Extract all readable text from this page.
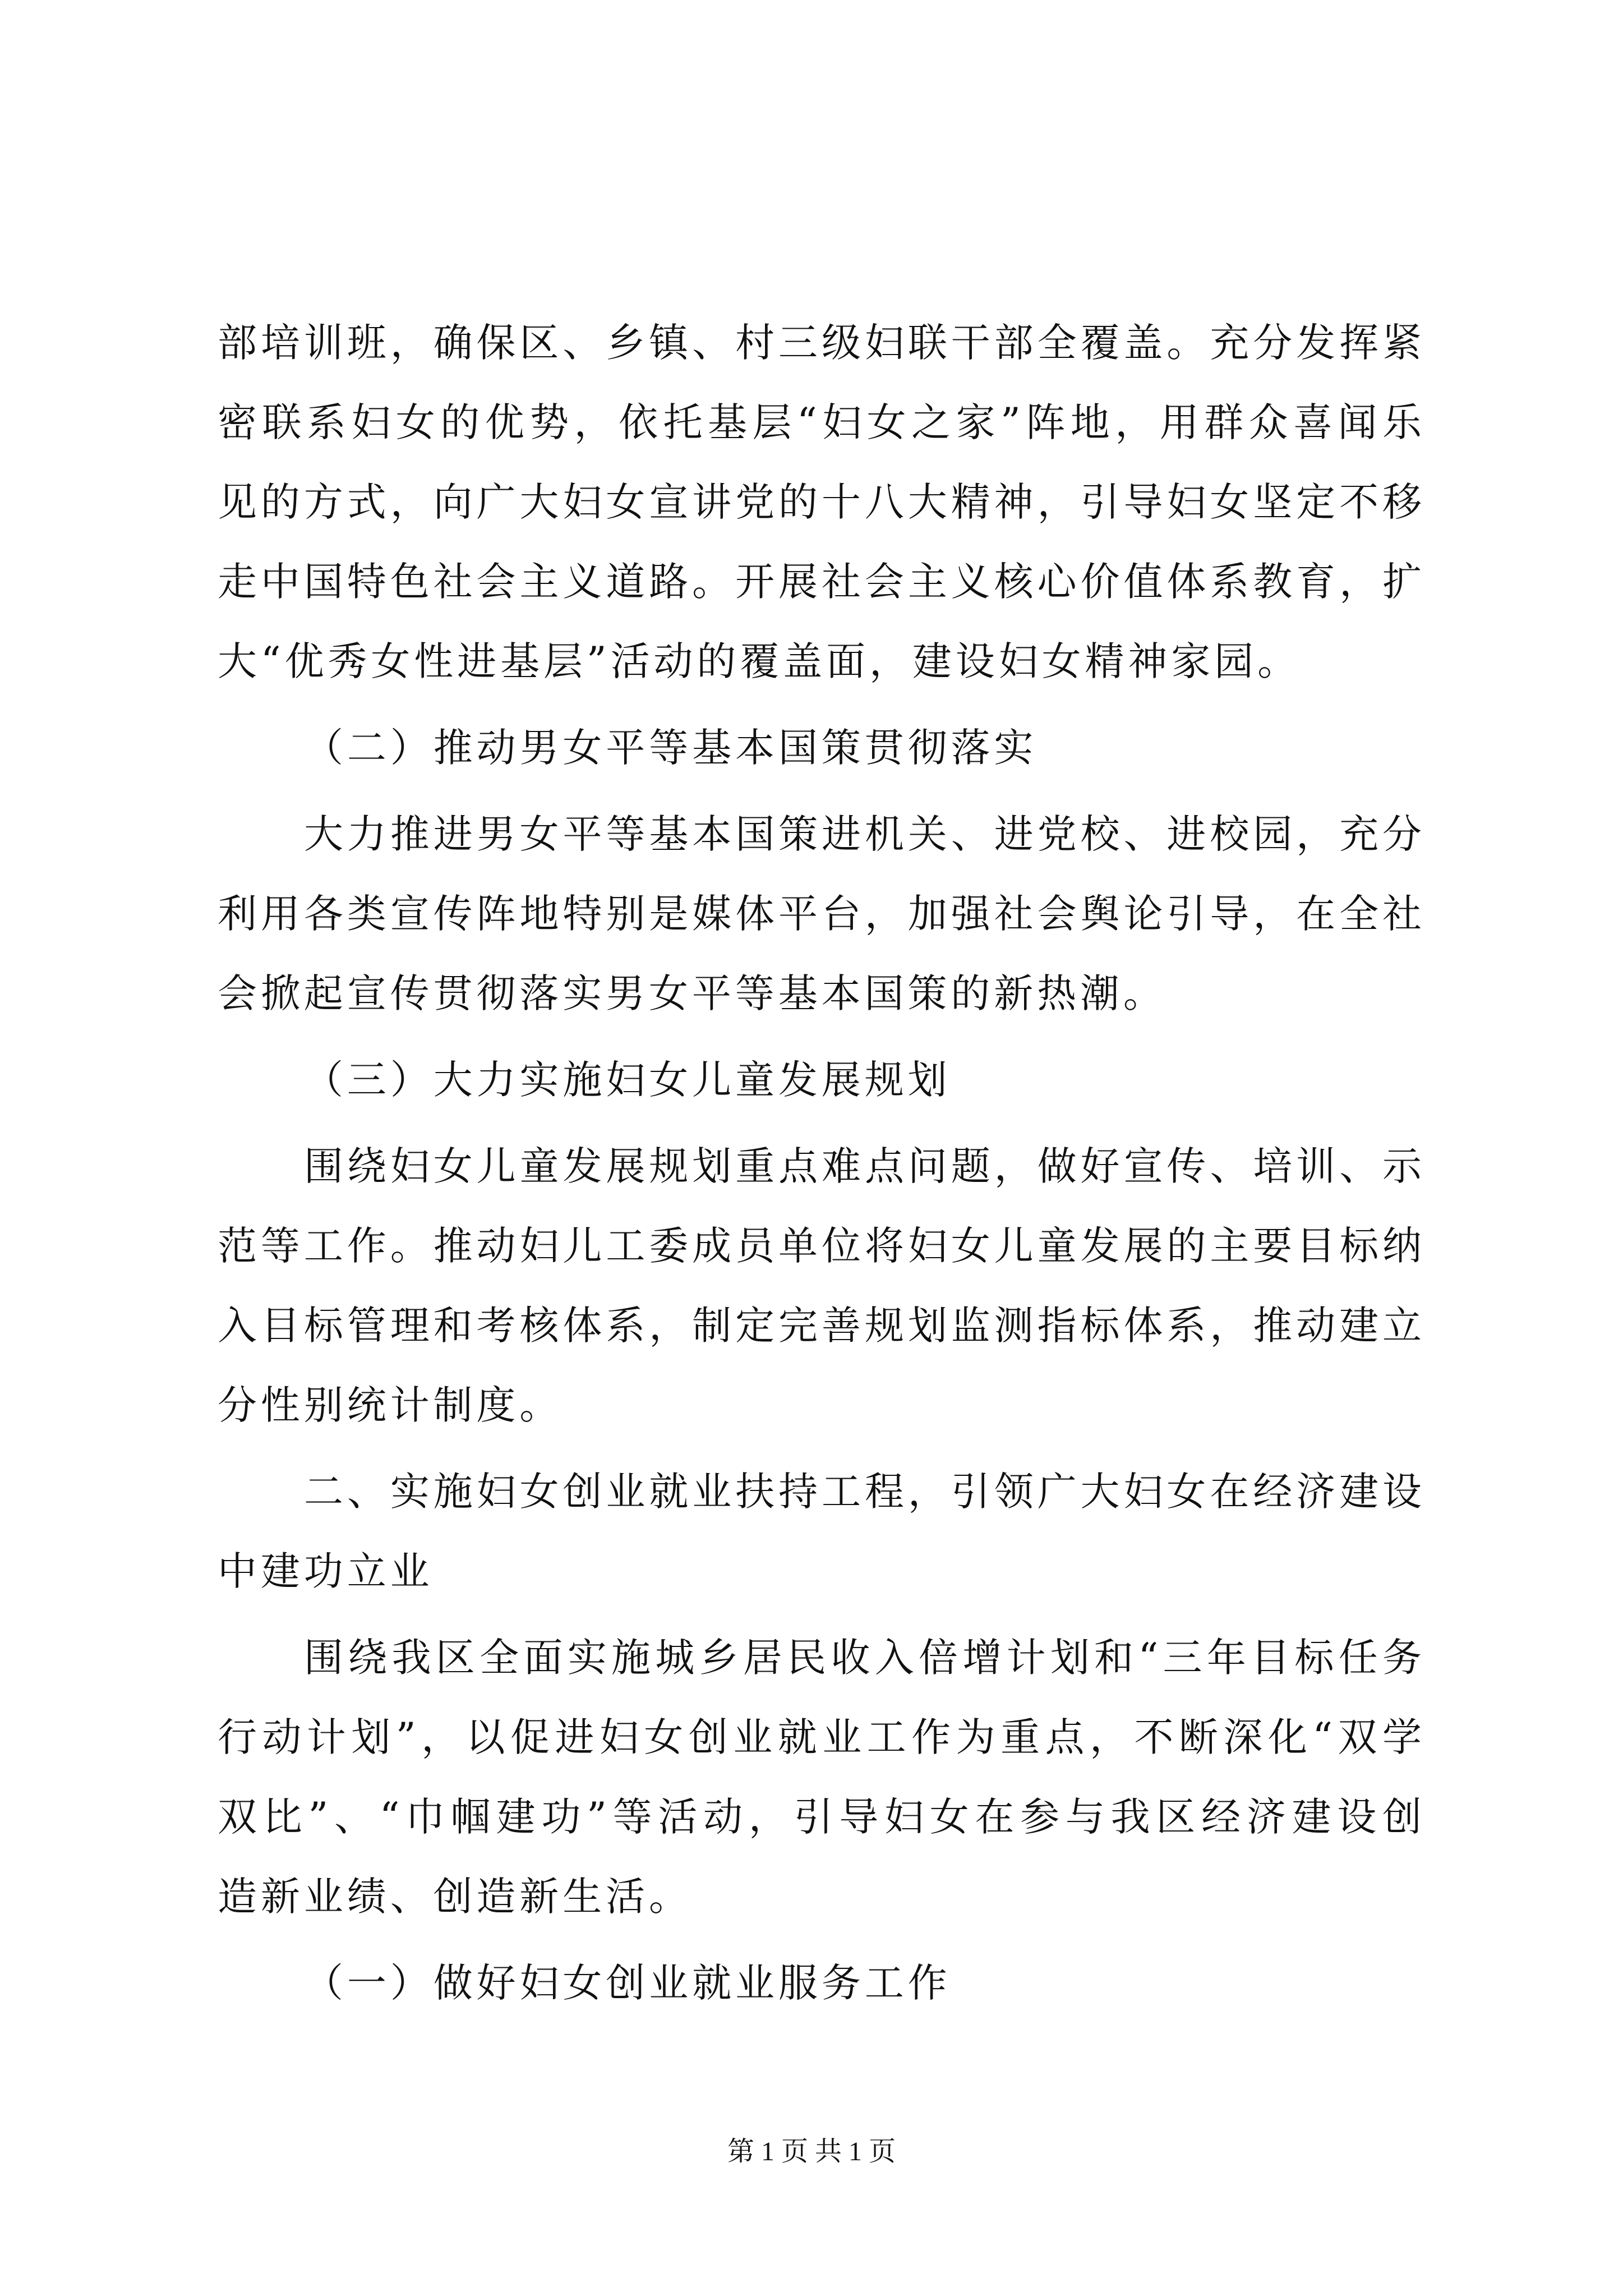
部培训班，确保区、乡镇、村三级妇联干部全覆盖。充分发挥紧
密联系妇女的优势，依托基层“妇女之家”阵地，用群众喜闻乐
见的方式，向广大妇女宣讲党的十八大精神，引导妇女坚定不移
走中国特色社会主义道路。开展社会主义核心价值体系教育，扩
大“优秀女性进基层”活动的覆盖面，建设妇女精神家园。
（二）推动男女平等基本国策贯彻落实
大力推进男女平等基本国策进机关、进党校、进校园，充分
利用各类宣传阵地特别是媒体平台，加强社会舆论引导，在全社
会掀起宣传贯彻落实男女平等基本国策的新热潮。
（三）大力实施妇女儿童发展规划
围绕妇女儿童发展规划重点难点问题，做好宣传、培训、示
范等工作。推动妇儿工委成员单位将妇女儿童发展的主要目标纳
入目标管理和考核体系，制定完善规划监测指标体系，推动建立
分性别统计制度。
二、实施妇女创业就业扶持工程，引领广大妇女在经济建设
中建功立业
围绕我区全面实施城乡居民收入倍增计划和“三年目标任务
行动计划”，以促进妇女创业就业工作为重点，不断深化“双学
双比”、“巾帼建功”等活动，引导妇女在参与我区经济建设创
造新业绩、创造新生活。
（一）做好妇女创业就业服务工作
第 1 页 共 1 页
